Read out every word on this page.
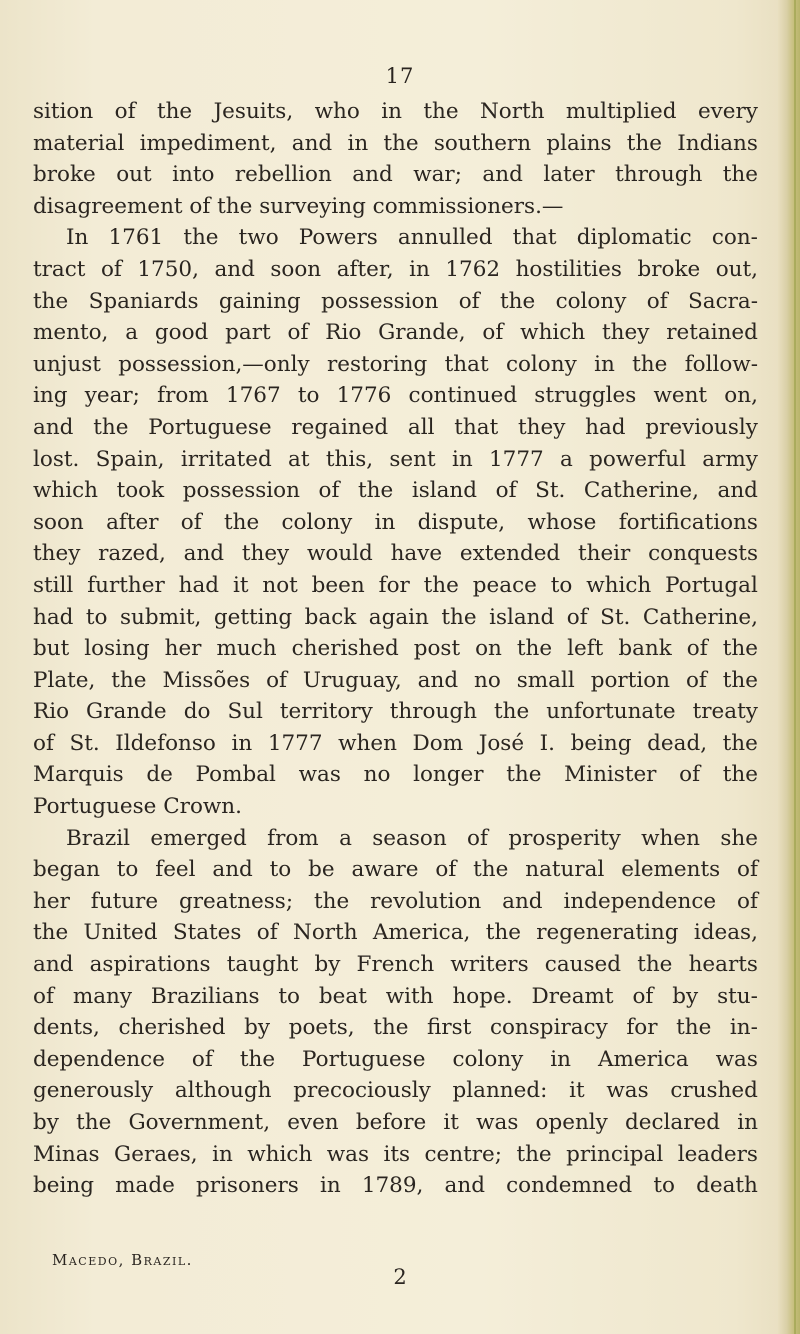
17
sition of the Jesuits, who in the North multiplied every
material impediment, and in the southern plains the Indians
broke out into rebellion and war; and later through the
disagreement of the surveying commissioners.—
In 1761 the two Powers annulled that diplomatic con-
tract of 1750, and soon after, in 1762 hostilities broke out,
the Spaniards gaining possession of the colony of Sacra-
mento, a good part of Rio Grande, of which they retained
unjust possession,—only restoring that colony in the follow-
ing year; from 1767 to 1776 continued struggles went on,
and the Portuguese regained all that they had previously
lost. Spain, irritated at this, sent in 1777 a powerful army
which took possession of the island of St. Catherine, and
soon after of the colony in dispute, whose fortifications
they razed, and they would have extended their conquests
still further had it not been for the peace to which Portugal
had to submit, getting back again the island of St. Catherine,
but losing her much cherished post on the left bank of the
Plate, the Missões of Uruguay, and no small portion of the
Rio Grande do Sul territory through the unfortunate treaty
of St. Ildefonso in 1777 when Dom José I. being dead, the
Marquis de Pombal was no longer the Minister of the
Portuguese Crown.
Brazil emerged from a season of prosperity when she
began to feel and to be aware of the natural elements of
her future greatness; the revolution and independence of
the United States of North America, the regenerating ideas,
and aspirations taught by French writers caused the hearts
of many Brazilians to beat with hope. Dreamt of by stu-
dents, cherished by poets, the first conspiracy for the in-
dependence of the Portuguese colony in America was
generously although precociously planned: it was crushed
by the Government, even before it was openly declared in
Minas Geraes, in which was its centre; the principal leaders
being made prisoners in 1789, and condemned to death
Macedo, Brazil.
2
